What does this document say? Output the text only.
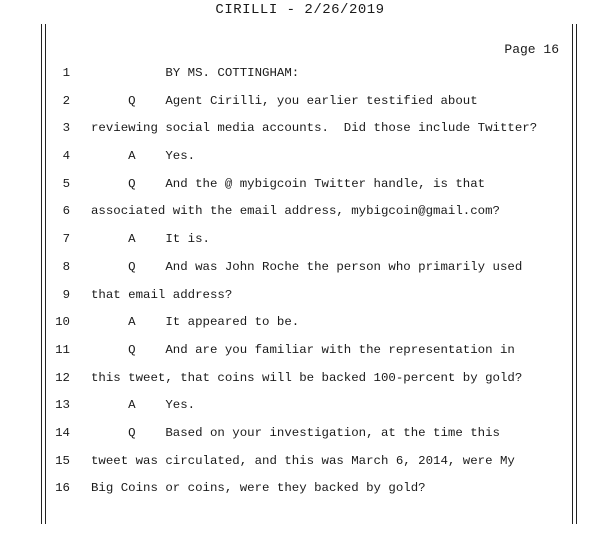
CIRILLI - 2/26/2019
Page 16

1

BY MS. COTTINGHAM:

2

Q    Agent Cirilli, you earlier testified about

3

reviewing social media accounts.  Did those include Twitter?

4

A    Yes.

5

Q    And the @ mybigcoin Twitter handle, is that

6

associated with the email address, mybigcoin@gmail.com?

7

A    It is.

8

Q    And was John Roche the person who primarily used

9

that email address?

10

A    It appeared to be.

11

Q    And are you familiar with the representation in

12

this tweet, that coins will be backed 100-percent by gold?

13

A    Yes.

14

Q    Based on your investigation, at the time this

15

tweet was circulated, and this was March 6, 2014, were My

16

Big Coins or coins, were they backed by gold?
